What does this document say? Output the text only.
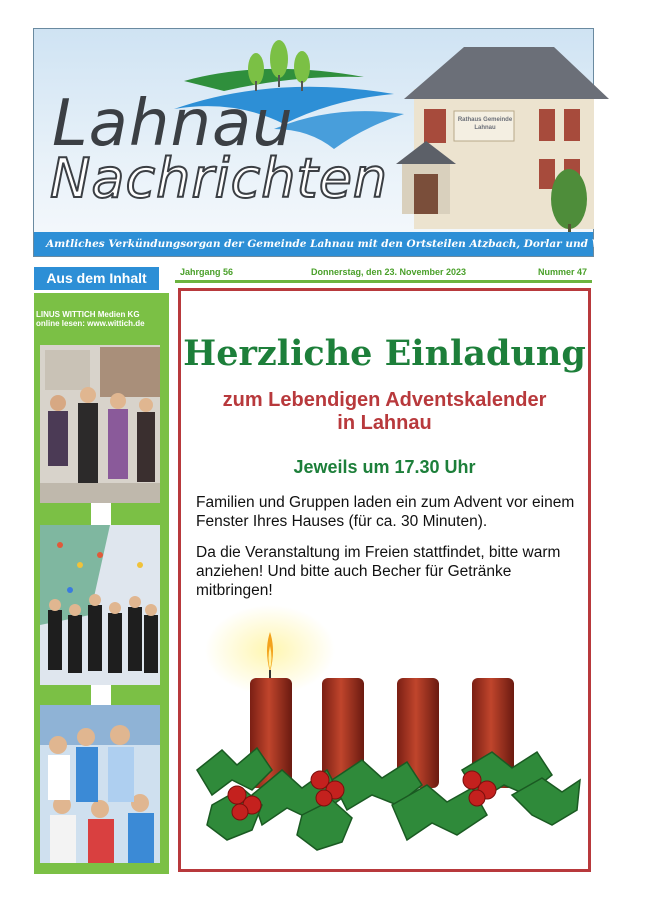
Rathaus Gemeinde Lahnau
Lahnau
Nachrichten
Amtliches Verkündungsorgan der Gemeinde Lahnau mit den Ortsteilen Atzbach, Dorlar und Waldgirmes
Aus dem Inhalt	Jahrgang 56	Donnerstag, den 23. November 2023	Nummer 47
LINUS WITTICH Medien KG
online lesen: www.wittich.de
Herzliche Einladung
zum Lebendigen Adventskalender
in Lahnau
Jeweils um 17.30 Uhr
Familien und Gruppen laden ein zum Advent vor einem Fenster Ihres Hauses (für ca. 30 Minuten).
Da die Veranstaltung im Freien stattfindet, bitte warm anziehen! Und bitte auch Becher für Getränke mitbringen!
